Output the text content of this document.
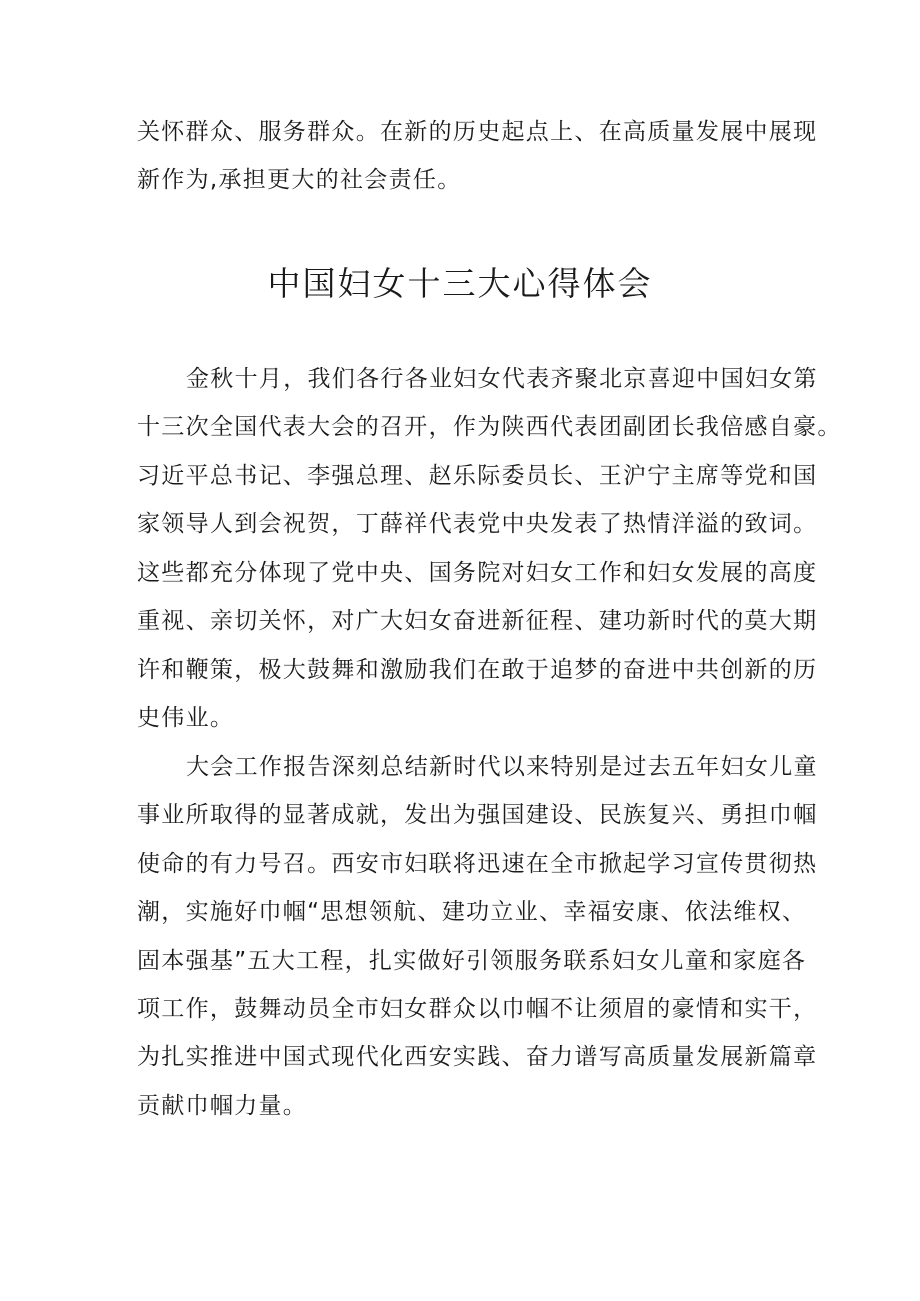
关怀群众、服务群众。在新的历史起点上、在高质量发展中展现
新作为,承担更大的社会责任。
中国妇女十三大心得体会
金秋十月，我们各行各业妇女代表齐聚北京喜迎中国妇女第
十三次全国代表大会的召开，作为陕西代表团副团长我倍感自豪。
习近平总书记、李强总理、赵乐际委员长、王沪宁主席等党和国
家领导人到会祝贺，丁薛祥代表党中央发表了热情洋溢的致词。
这些都充分体现了党中央、国务院对妇女工作和妇女发展的高度
重视、亲切关怀，对广大妇女奋进新征程、建功新时代的莫大期
许和鞭策，极大鼓舞和激励我们在敢于追梦的奋进中共创新的历
史伟业。
大会工作报告深刻总结新时代以来特别是过去五年妇女儿童
事业所取得的显著成就，发出为强国建设、民族复兴、勇担巾帼
使命的有力号召。西安市妇联将迅速在全市掀起学习宣传贯彻热
潮，实施好巾帼“思想领航、建功立业、幸福安康、依法维权、
固本强基”五大工程，扎实做好引领服务联系妇女儿童和家庭各
项工作，鼓舞动员全市妇女群众以巾帼不让须眉的豪情和实干，
为扎实推进中国式现代化西安实践、奋力谱写高质量发展新篇章
贡献巾帼力量。
